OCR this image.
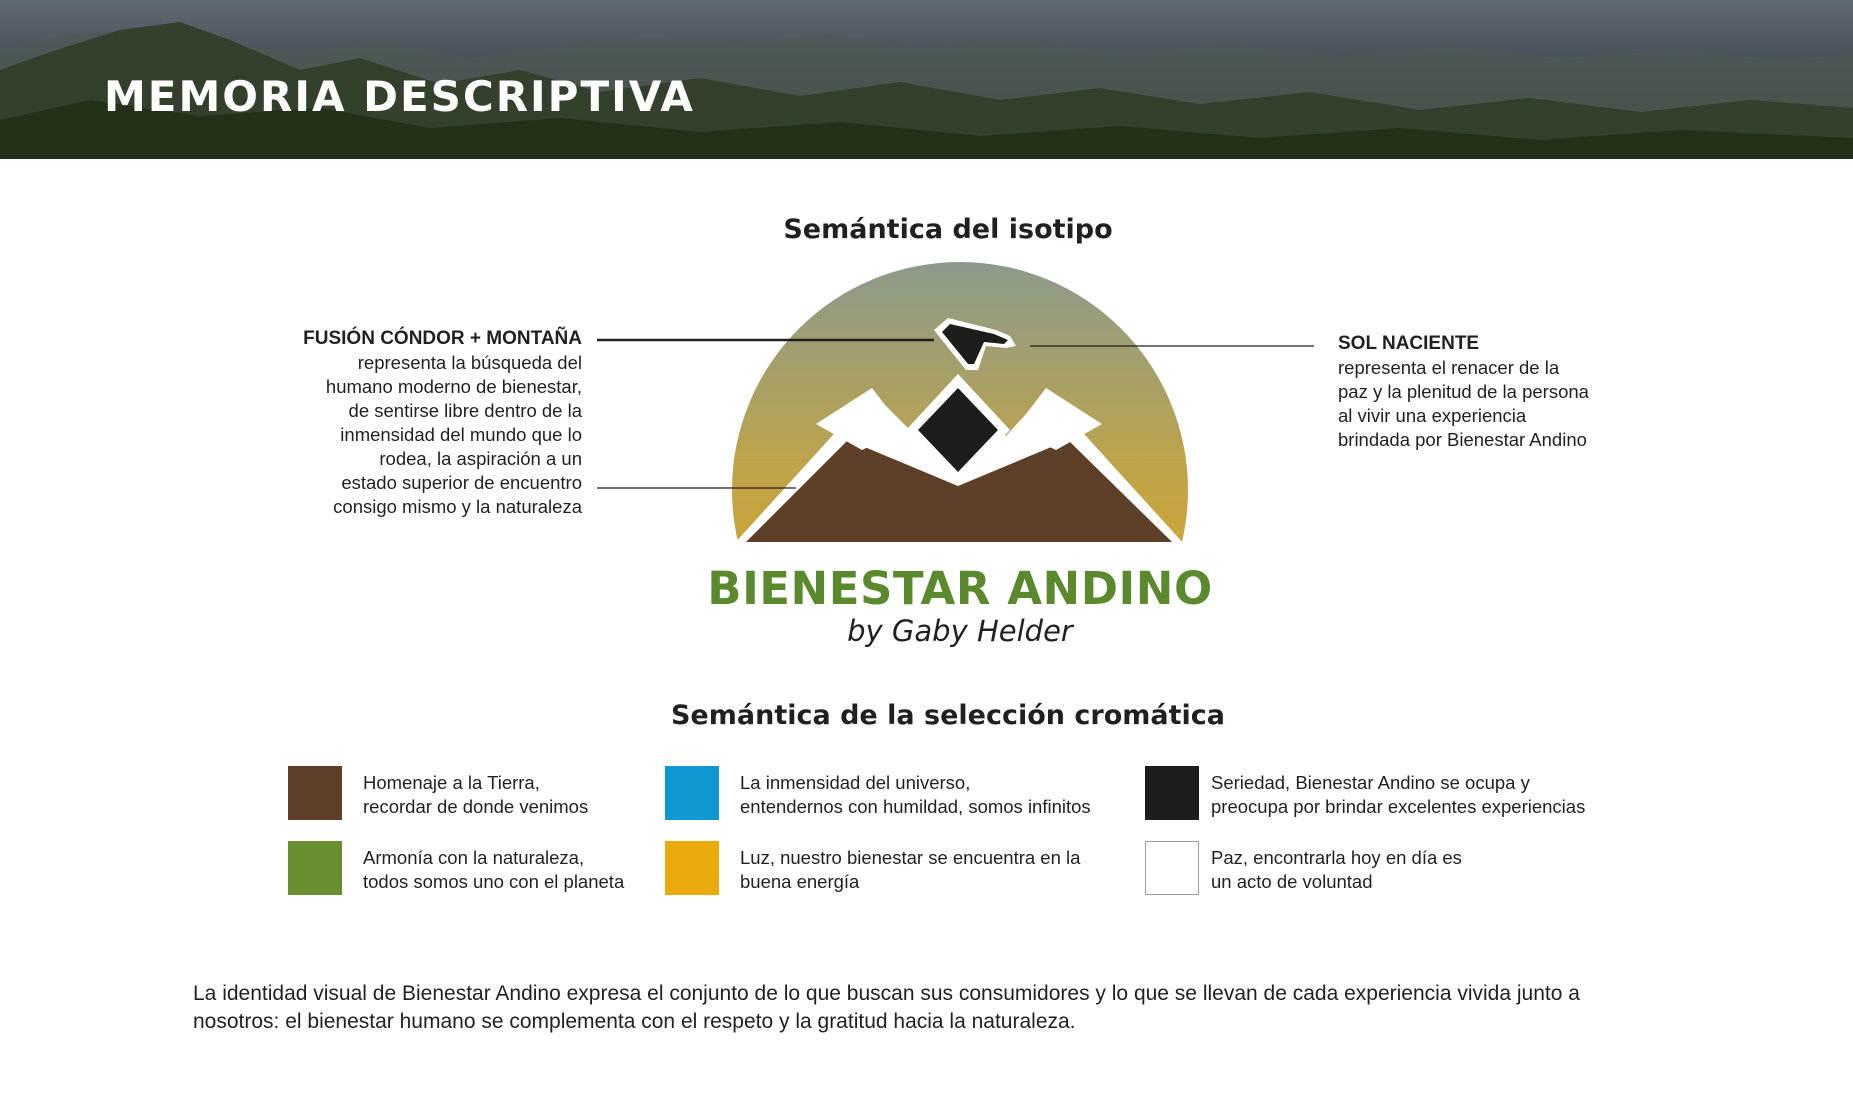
MEMORIA DESCRIPTIVA
Semántica del isotipo
FUSIÓN CÓNDOR + MONTAÑA
representa la búsqueda del
humano moderno de bienestar,
de sentirse libre dentro de la
inmensidad del mundo que lo
rodea, la aspiración a un
estado superior de encuentro
consigo mismo y la naturaleza
SOL NACIENTE
representa el renacer de la
paz y la plenitud de la persona
al vivir una experiencia
brindada por Bienestar Andino
BIENESTAR ANDINO

by Gaby Helder

Semántica de la selección cromática
Homenaje a la Tierra,
recordar de donde venimos
La inmensidad del universo,
entendernos con humildad, somos infinitos
Seriedad, Bienestar Andino se ocupa y
preocupa por brindar excelentes experiencias
Armonía con la naturaleza,
todos somos uno con el planeta
Luz, nuestro bienestar se encuentra en la
buena energía
Paz, encontrarla hoy en día es
un acto de voluntad

La identidad visual de Bienestar Andino expresa el conjunto de lo que buscan sus consumidores y lo que se llevan de cada experiencia vivida junto a
nosotros: el bienestar humano se complementa con el respeto y la gratitud hacia la naturaleza.
